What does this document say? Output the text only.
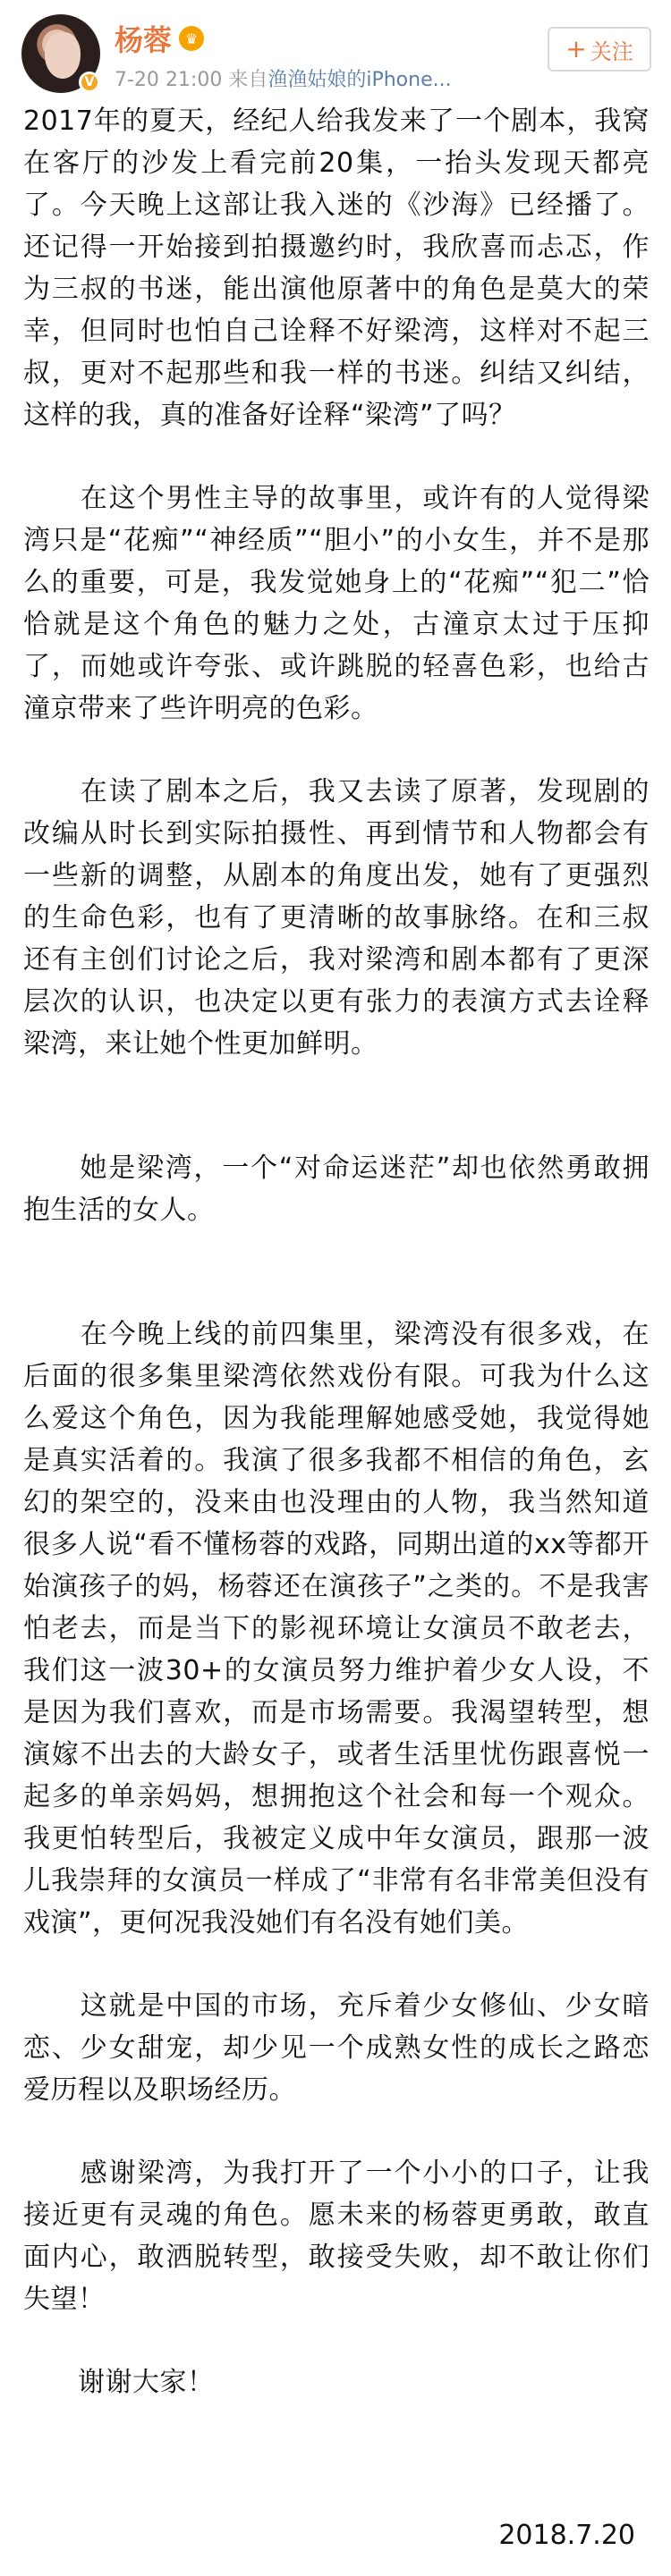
V
杨蓉 ♛
7-20 21:00 来自渔渔姑娘的iPhone...
+ 关注

2017年的夏天，经纪人给我发来了一个剧本，我窝在客厅的沙发上看完前20集，一抬头发现天都亮了。今天晚上这部让我入迷的《沙海》已经播了。还记得一开始接到拍摄邀约时，我欣喜而忐忑，作为三叔的书迷，能出演他原著中的角色是莫大的荣幸，但同时也怕自己诠释不好梁湾，这样对不起三叔，更对不起那些和我一样的书迷。纠结又纠结，这样的我，真的准备好诠释“梁湾”了吗？

　　在这个男性主导的故事里，或许有的人觉得梁湾只是“花痴”“神经质”“胆小”的小女生，并不是那么的重要，可是，我发觉她身上的“花痴”“犯二”恰恰就是这个角色的魅力之处，古潼京太过于压抑了，而她或许夸张、或许跳脱的轻喜色彩，也给古潼京带来了些许明亮的色彩。

　　在读了剧本之后，我又去读了原著，发现剧的改编从时长到实际拍摄性、再到情节和人物都会有一些新的调整，从剧本的角度出发，她有了更强烈的生命色彩，也有了更清晰的故事脉络。在和三叔还有主创们讨论之后，我对梁湾和剧本都有了更深层次的认识，也决定以更有张力的表演方式去诠释梁湾，来让她个性更加鲜明。

　　她是梁湾，一个“对命运迷茫”却也依然勇敢拥抱生活的女人。

　　在今晚上线的前四集里，梁湾没有很多戏，在后面的很多集里梁湾依然戏份有限。可我为什么这么爱这个角色，因为我能理解她感受她，我觉得她是真实活着的。我演了很多我都不相信的角色，玄幻的架空的，没来由也没理由的人物，我当然知道很多人说“看不懂杨蓉的戏路，同期出道的xx等都开始演孩子的妈，杨蓉还在演孩子”之类的。不是我害怕老去，而是当下的影视环境让女演员不敢老去，我们这一波30+的女演员努力维护着少女人设，不是因为我们喜欢，而是市场需要。我渴望转型，想演嫁不出去的大龄女子，或者生活里忧伤跟喜悦一起多的单亲妈妈，想拥抱这个社会和每一个观众。我更怕转型后，我被定义成中年女演员，跟那一波儿我崇拜的女演员一样成了“非常有名非常美但没有戏演”，更何况我没她们有名没有她们美。

　　这就是中国的市场，充斥着少女修仙、少女暗恋、少女甜宠，却少见一个成熟女性的成长之路恋爱历程以及职场经历。

　　感谢梁湾，为我打开了一个小小的口子，让我接近更有灵魂的角色。愿未来的杨蓉更勇敢，敢直面内心，敢洒脱转型，敢接受失败，却不敢让你们失望！

　　谢谢大家！

2018.7.20
